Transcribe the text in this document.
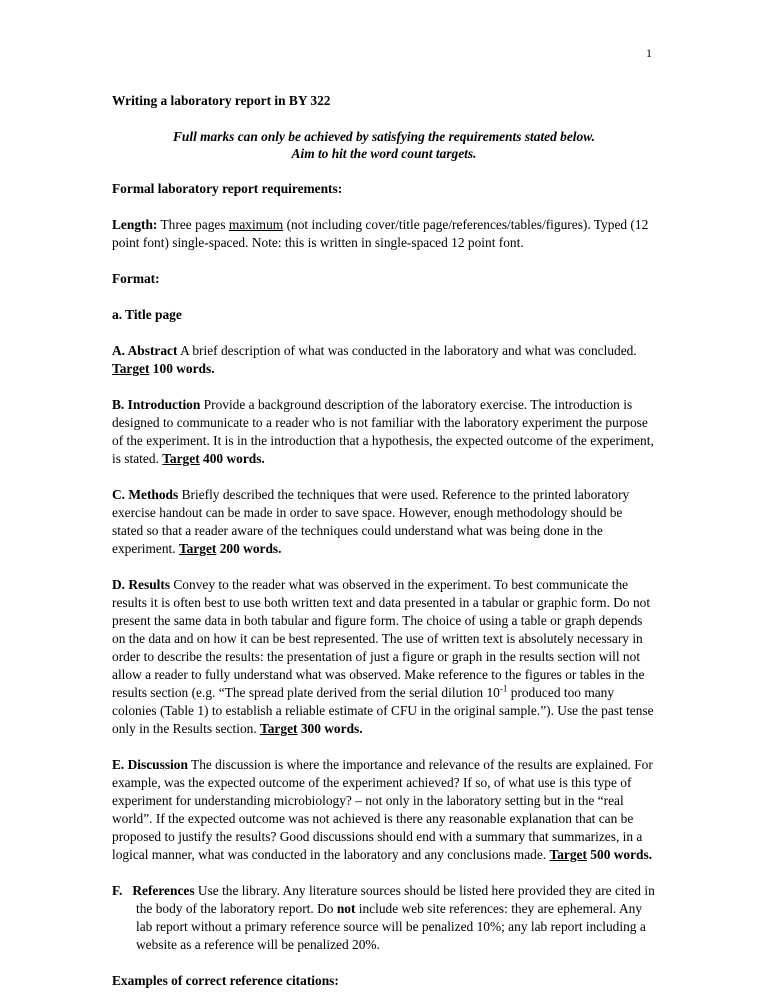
1

Writing a laboratory report in BY 322

Full marks can only be achieved by satisfying the requirements stated below.
Aim to hit the word count targets.

Formal laboratory report requirements:

Length: Three pages maximum (not including cover/title page/references/tables/figures). Typed (12 point font) single-spaced. Note: this is written in single-spaced 12 point font.

Format:

a. Title page

A. Abstract A brief description of what was conducted in the laboratory and what was concluded. Target 100 words.

B. Introduction Provide a background description of the laboratory exercise. The introduction is designed to communicate to a reader who is not familiar with the laboratory experiment the purpose of the experiment. It is in the introduction that a hypothesis, the expected outcome of the experiment, is stated. Target 400 words.

C. Methods Briefly described the techniques that were used. Reference to the printed laboratory exercise handout can be made in order to save space. However, enough methodology should be stated so that a reader aware of the techniques could understand what was being done in the experiment. Target 200 words.

D. Results Convey to the reader what was observed in the experiment. To best communicate the results it is often best to use both written text and data presented in a tabular or graphic form. Do not present the same data in both tabular and figure form. The choice of using a table or graph depends on the data and on how it can be best represented. The use of written text is absolutely necessary in order to describe the results: the presentation of just a figure or graph in the results section will not allow a reader to fully understand what was observed. Make reference to the figures or tables in the results section (e.g. “The spread plate derived from the serial dilution $10^{-1}$ produced too many colonies (Table 1) to establish a reliable estimate of CFU in the original sample.”). Use the past tense only in the Results section. Target 300 words.

E. Discussion The discussion is where the importance and relevance of the results are explained. For example, was the expected outcome of the experiment achieved? If so, of what use is this type of experiment for understanding microbiology? – not only in the laboratory setting but in the “real world”. If the expected outcome was not achieved is there any reasonable explanation that can be proposed to justify the results? Good discussions should end with a summary that summarizes, in a logical manner, what was conducted in the laboratory and any conclusions made. Target 500 words.

F.  References Use the library. Any literature sources should be listed here provided they are cited in the body of the laboratory report. Do not include web site references: they are ephemeral. Any lab report without a primary reference source will be penalized 10%; any lab report including a website as a reference will be penalized 20%.

Examples of correct reference citations:
